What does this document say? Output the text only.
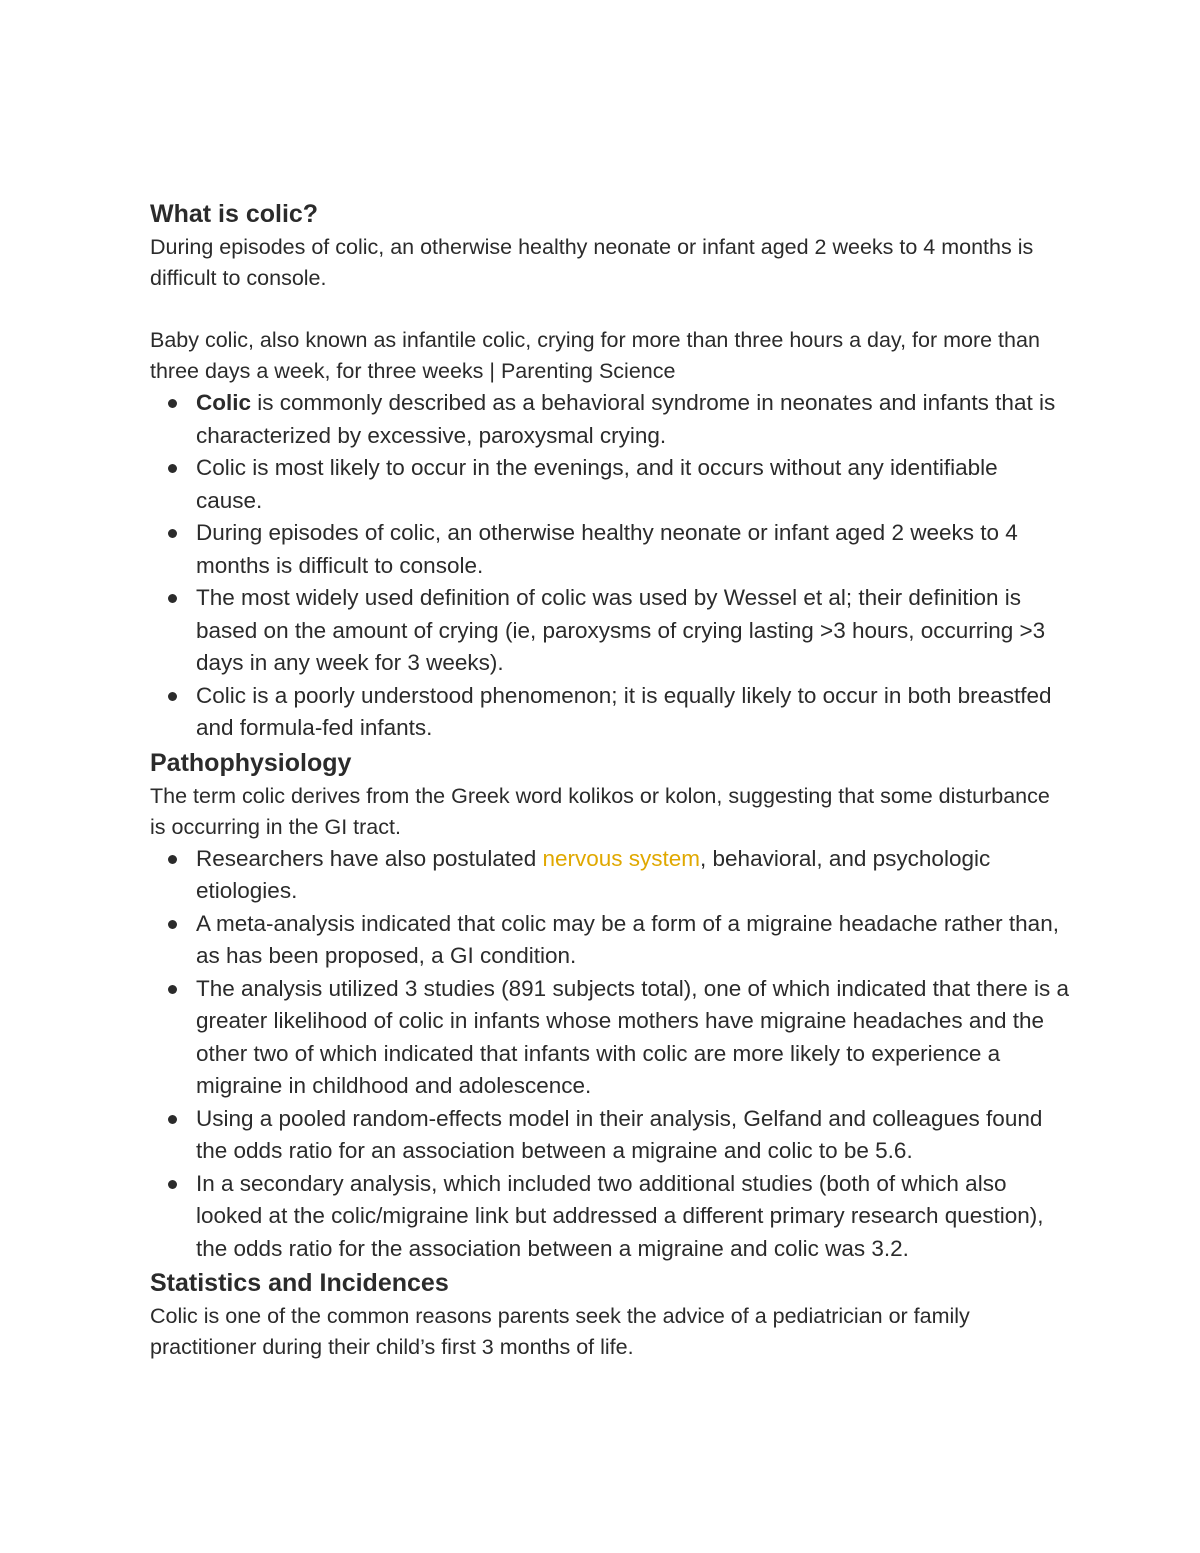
What is colic?

During episodes of colic, an otherwise healthy neonate or infant aged 2 weeks to 4 months is difficult to console.

Baby colic, also known as infantile colic, crying for more than three hours a day, for more than three days a week, for three weeks | Parenting Science

Colic is commonly described as a behavioral syndrome in neonates and infants that is characterized by excessive, paroxysmal crying.
Colic is most likely to occur in the evenings, and it occurs without any identifiable cause.
During episodes of colic, an otherwise healthy neonate or infant aged 2 weeks to 4 months is difficult to console.
The most widely used definition of colic was used by Wessel et al; their definition is based on the amount of crying (ie, paroxysms of crying lasting >3 hours, occurring >3 days in any week for 3 weeks).
Colic is a poorly understood phenomenon; it is equally likely to occur in both breastfed and formula-fed infants.
Pathophysiology

The term colic derives from the Greek word kolikos or kolon, suggesting that some disturbance is occurring in the GI tract.

Researchers have also postulated nervous system, behavioral, and psychologic etiologies.
A meta-analysis indicated that colic may be a form of a migraine headache rather than, as has been proposed, a GI condition.
The analysis utilized 3 studies (891 subjects total), one of which indicated that there is a greater likelihood of colic in infants whose mothers have migraine headaches and the other two of which indicated that infants with colic are more likely to experience a migraine in childhood and adolescence.
Using a pooled random-effects model in their analysis, Gelfand and colleagues found the odds ratio for an association between a migraine and colic to be 5.6.
In a secondary analysis, which included two additional studies (both of which also looked at the colic/migraine link but addressed a different primary research question), the odds ratio for the association between a migraine and colic was 3.2.
Statistics and Incidences

Colic is one of the common reasons parents seek the advice of a pediatrician or family practitioner during their child’s first 3 months of life.
